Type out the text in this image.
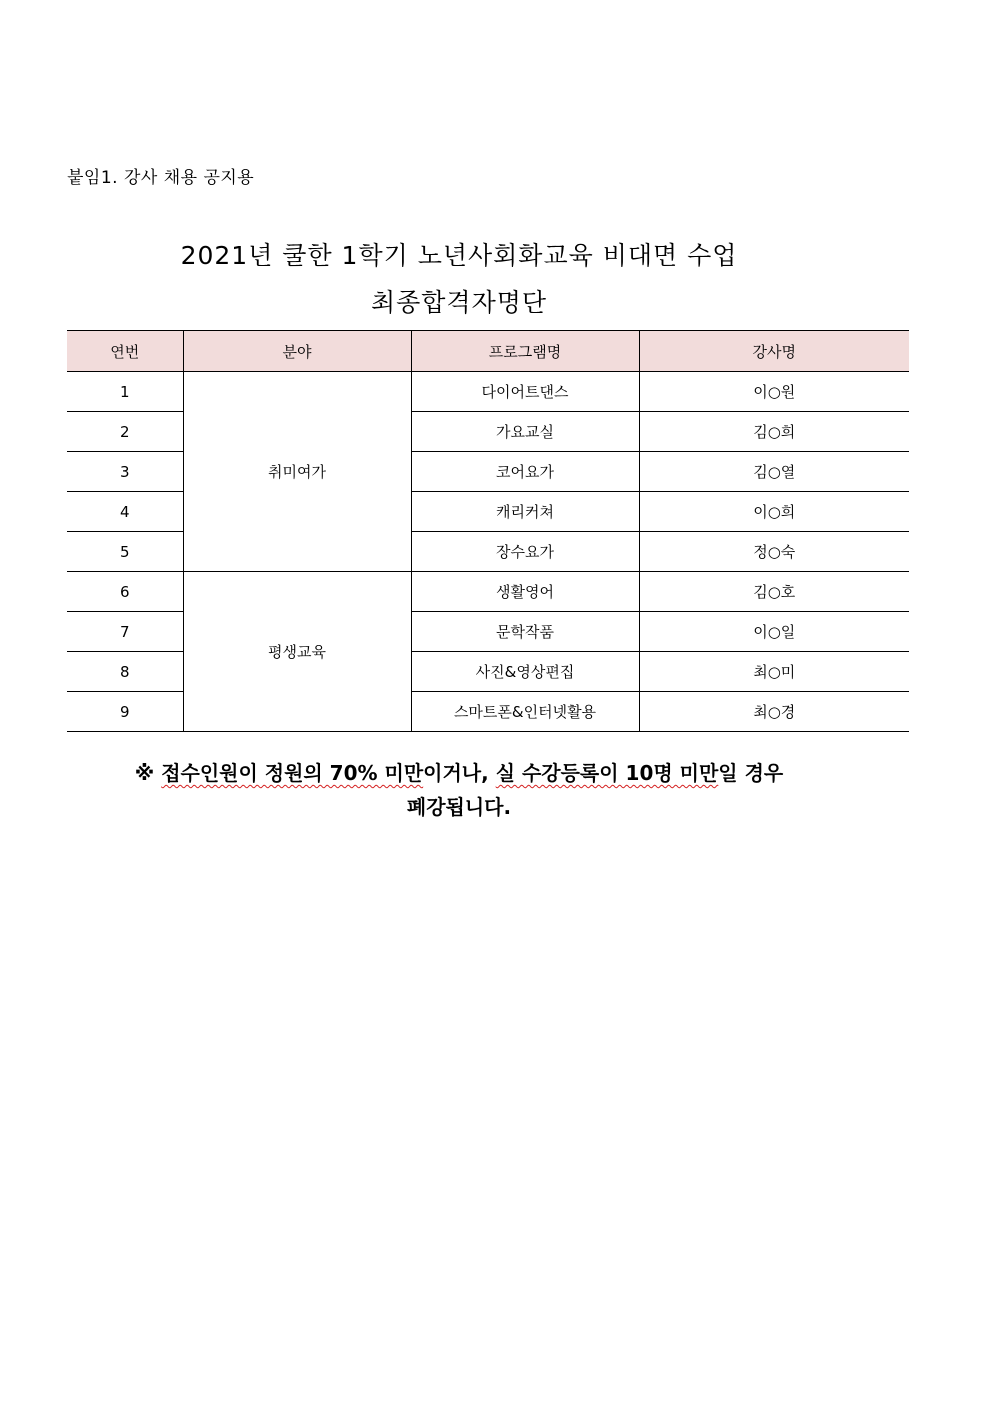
붙임1. 강사 채용 공지용
2021년 쿨한 1학기 노년사회화교육 비대면 수업
최종합격자명단
연번	분야	프로그램명	강사명
1	취미여가	다이어트댄스	이○원
2		가요교실	김○희
3		코어요가	김○열
4		캐리커쳐	이○희
5		장수요가	정○숙
6	평생교육	생활영어	김○호
7		문학작품	이○일
8		사진&영상편집	최○미
9		스마트폰&인터넷활용	최○경
※ 접수인원이 정원의 70% 미만이거나, 실 수강등록이 10명 미만일 경우
폐강됩니다.
